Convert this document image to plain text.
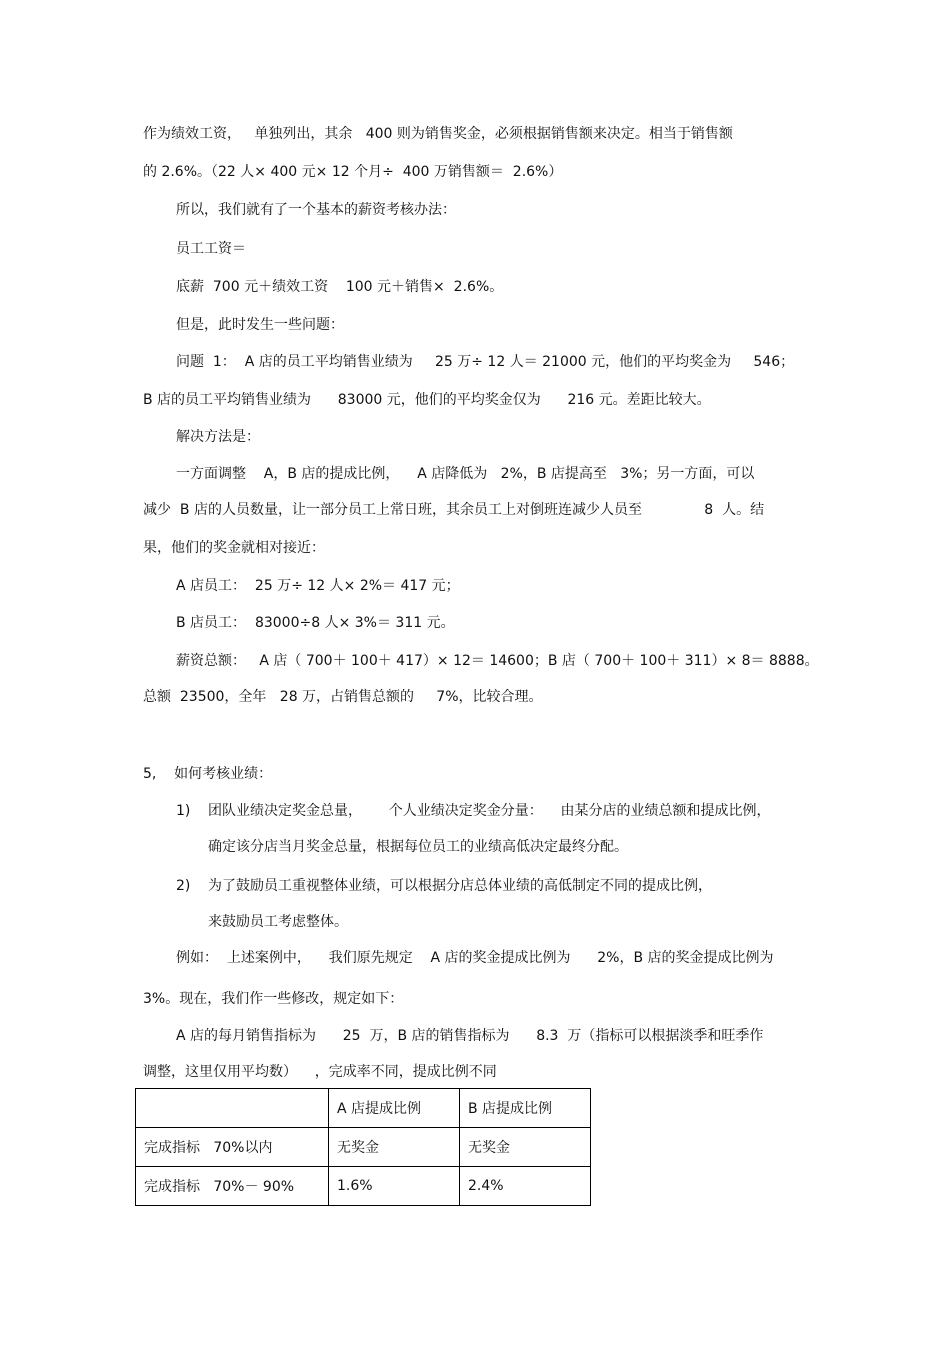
作为绩效工资，   单独列出，其余   400 则为销售奖金，必须根据销售额来决定。相当于销售额
的 2.6%。（22 人× 400 元× 12 个月÷  400 万销售额＝  2.6%）
所以，我们就有了一个基本的薪资考核办法：
员工工资＝
底薪  700 元＋绩效工资    100 元＋销售×  2.6%。
但是，此时发生一些问题：
问题  1：  A 店的员工平均销售业绩为     25 万÷ 12 人＝ 21000 元，他们的平均奖金为     546；
B 店的员工平均销售业绩为      83000 元，他们的平均奖金仅为      216 元。差距比较大。
解决方法是：
一方面调整    A，B 店的提成比例，    A 店降低为   2%，B 店提高至   3%；另一方面，可以
减少  B 店的人员数量，让一部分员工上常日班，其余员工上对倒班连减少人员至              8  人。结
果，他们的奖金就相对接近：
A 店员工：  25 万÷ 12 人× 2%＝ 417 元；
B 店员工：  83000÷8 人× 3%＝ 311 元。
薪资总额：   A 店（ 700＋ 100＋ 417）× 12＝ 14600；B 店（ 700＋ 100＋ 311）× 8＝ 8888。
总额  23500，全年   28 万，占销售总额的     7%，比较合理。
5,    如何考核业绩：
1) 团队业绩决定奖金总量，      个人业绩决定奖金分量：    由某分店的业绩总额和提成比例，
确定该分店当月奖金总量，根据每位员工的业绩高低决定最终分配。
2) 为了鼓励员工重视整体业绩，可以根据分店总体业绩的高低制定不同的提成比例，
来鼓励员工考虑整体。
例如：  上述案例中，    我们原先规定    A 店的奖金提成比例为      2%，B 店的奖金提成比例为
3%。现在，我们作一些修改，规定如下：
A 店的每月销售指标为      25  万，B 店的销售指标为      8.3  万（指标可以根据淡季和旺季作
调整，这里仅用平均数）    ，完成率不同，提成比例不同
	A 店提成比例	B 店提成比例
完成指标   70%以内	无奖金	无奖金
完成指标   70%－ 90%	1.6%	2.4%
